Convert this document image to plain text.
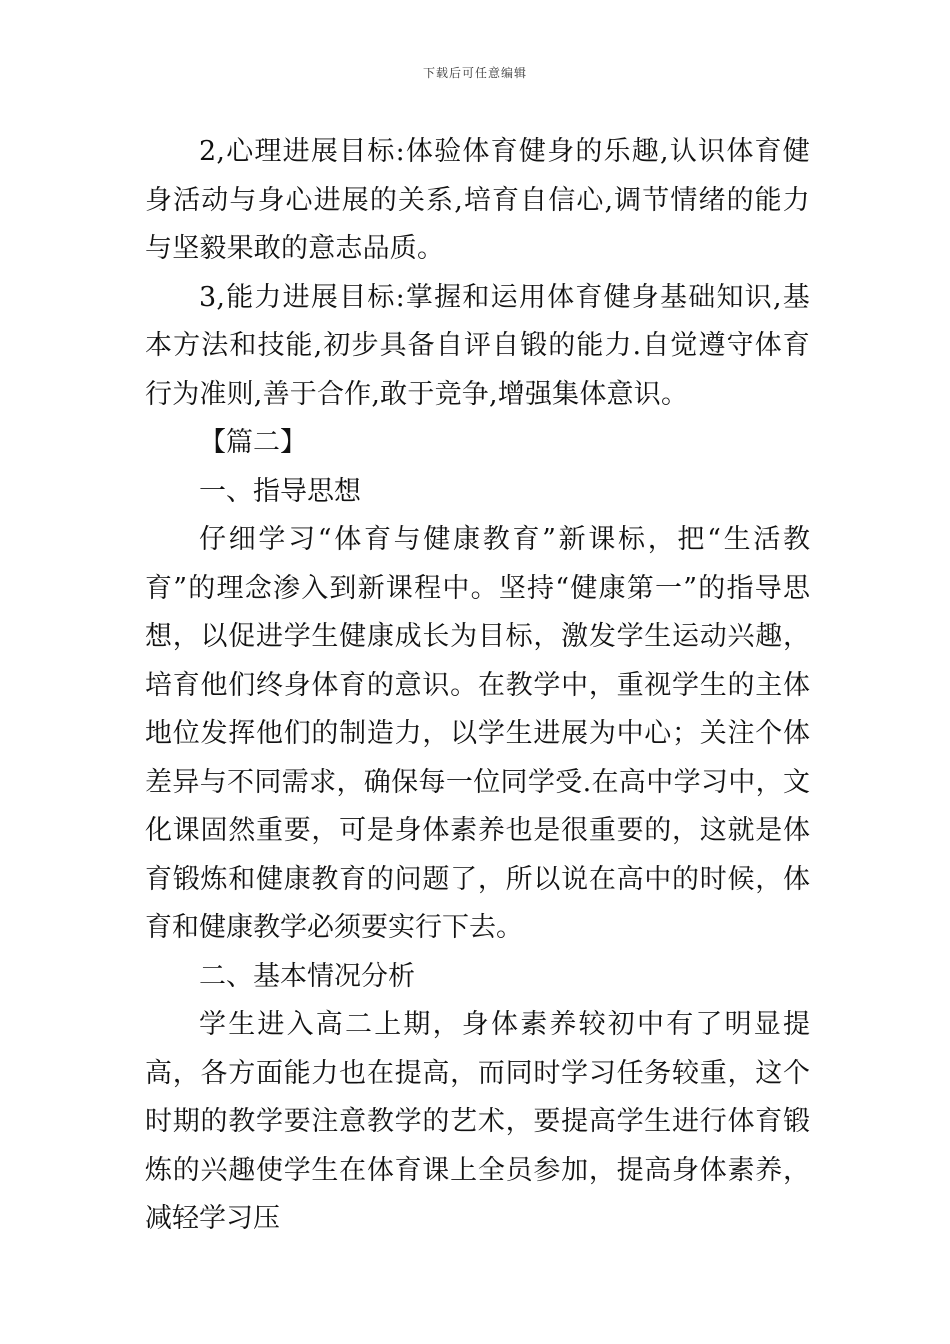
下载后可任意编辑

2,心理进展目标:体验体育健身的乐趣,认识体育健身活动与身心进展的关系,培育自信心,调节情绪的能力与坚毅果敢的意志品质。

3,能力进展目标:掌握和运用体育健身基础知识,基本方法和技能,初步具备自评自锻的能力.自觉遵守体育行为准则,善于合作,敢于竞争,增强集体意识。

【篇二】

一、指导思想

仔细学习“体育与健康教育”新课标，把“生活教育”的理念渗入到新课程中。坚持“健康第一”的指导思想，以促进学生健康成长为目标，激发学生运动兴趣，培育他们终身体育的意识。在教学中，重视学生的主体地位发挥他们的制造力，以学生进展为中心；关注个体差异与不同需求，确保每一位同学受.在高中学习中，文化课固然重要，可是身体素养也是很重要的，这就是体育锻炼和健康教育的问题了，所以说在高中的时候，体育和健康教学必须要实行下去。

二、基本情况分析

学生进入高二上期，身体素养较初中有了明显提高，各方面能力也在提高，而同时学习任务较重，这个时期的教学要注意教学的艺术，要提高学生进行体育锻炼的兴趣使学生在体育课上全员参加，提高身体素养，减轻学习压
